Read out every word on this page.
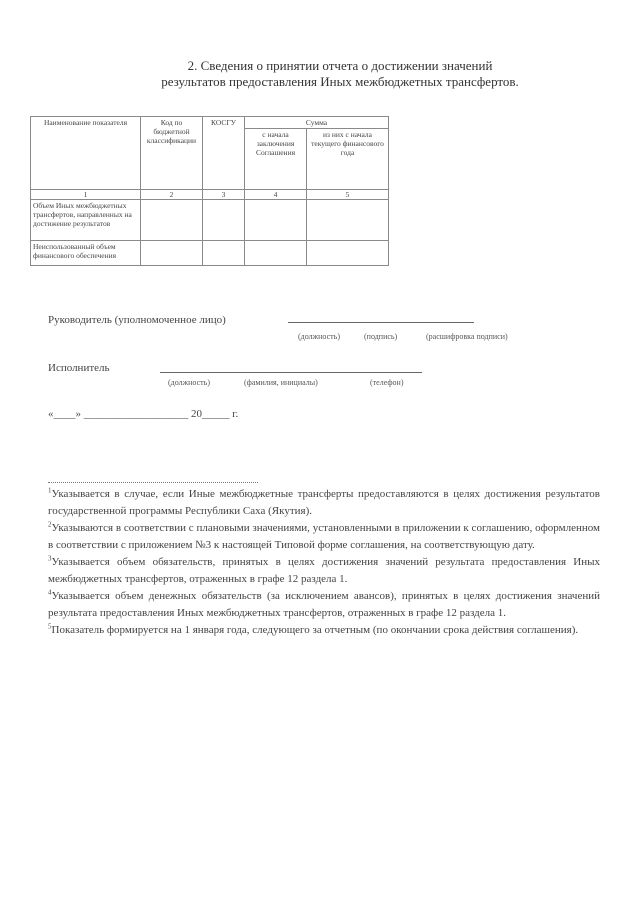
2. Сведения о принятии отчета о достижении значений
результатов предоставления Иных межбюджетных трансфертов.
Наименование показателя	Код по бюджетной классификации	КОСГУ	Сумма	
			с начала заключения Соглашения	из них с начала текущего финансового года
1	2	3	4	5
Объем Иных межбюджетных трансфертов, направленных на достижение результатов				
Неиспользованный объем финансового обеспечения				
Руководитель (уполномоченное лицо)
(должность)	(подпись)	(расшифровка подписи)
Исполнитель
(должность)	(фамилия, инициалы)	(телефон)
«____» ___________________ 20_____ г.

$^1$Указывается в случае, если Иные межбюджетные трансферты предоставляются в целях достижения результатов государственной программы Республики Саха (Якутия).

$^2$Указываются в соответствии с плановыми значениями, установленными в приложении к соглашению, оформленном в соответствии с приложением №3 к настоящей Типовой форме соглашения, на соответствующую дату.

$^3$Указывается объем обязательств, принятых в целях достижения значений результата предоставления Иных межбюджетных трансфертов, отраженных в графе 12 раздела 1.

$^4$Указывается объем денежных обязательств (за исключением авансов), принятых в целях достижения значений результата предоставления Иных межбюджетных трансфертов, отраженных в графе 12 раздела 1.

$^5$Показатель формируется на 1 января года, следующего за отчетным (по окончании срока действия соглашения).
